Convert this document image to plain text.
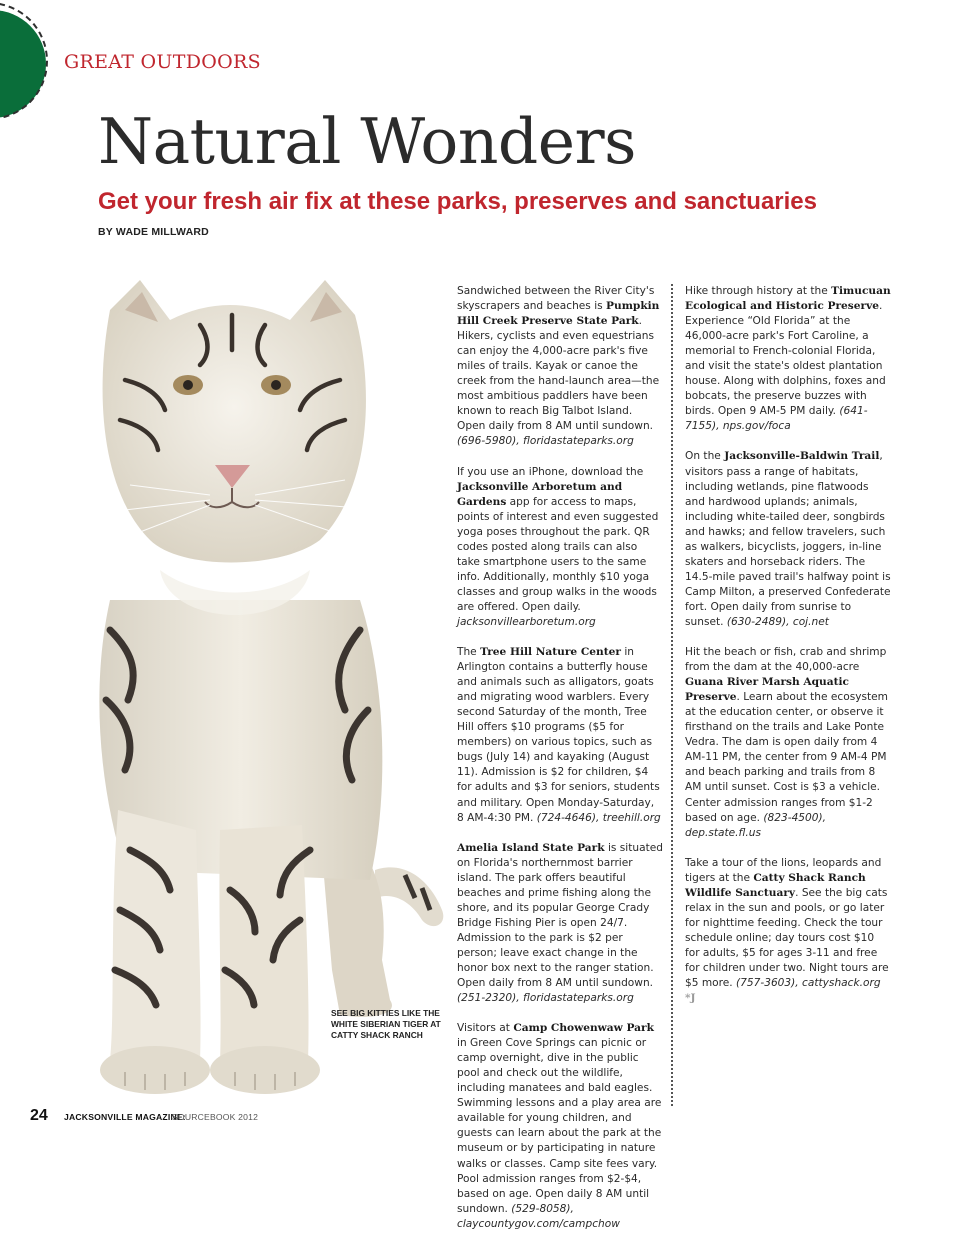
GREAT OUTDOORS
Natural Wonders
Get your fresh air fix at these parks, preserves and sanctuaries
BY WADE MILLWARD
SEE BIG KITTIES LIKE THE WHITE SIBERIAN TIGER AT CATTY SHACK RANCH

Sandwiched between the River City's skyscrapers and beaches is Pumpkin Hill Creek Preserve State Park. Hikers, cyclists and even equestrians can enjoy the 4,000-acre park's five miles of trails. Kayak or canoe the creek from the hand-launch area—the most ambitious paddlers have been known to reach Big Talbot Island. Open daily from 8 AM until sundown. (696-5980), floridastateparks.org

If you use an iPhone, download the Jacksonville Arboretum and Gardens app for access to maps, points of interest and even suggested yoga poses throughout the park. QR codes posted along trails can also take smartphone users to the same info. Additionally, monthly $10 yoga classes and group walks in the woods are offered. Open daily. jacksonvillearboretum.org

The Tree Hill Nature Center in Arlington contains a butterfly house and animals such as alligators, goats and migrating wood warblers. Every second Saturday of the month, Tree Hill offers $10 programs ($5 for members) on various topics, such as bugs (July 14) and kayaking (August 11). Admission is $2 for children, $4 for adults and $3 for seniors, students and military. Open Monday-Saturday, 8 AM-4:30 PM. (724-4646), treehill.org

Amelia Island State Park is situated on Florida's northernmost barrier island. The park offers beautiful beaches and prime fishing along the shore, and its popular George Crady Bridge Fishing Pier is open 24/7. Admission to the park is $2 per person; leave exact change in the honor box next to the ranger station. Open daily from 8 AM until sundown. (251-2320), floridastateparks.org

Visitors at Camp Chowenwaw Park in Green Cove Springs can picnic or camp overnight, dive in the public pool and check out the wildlife, including manatees and bald eagles. Swimming lessons and a play area are available for young children, and guests can learn about the park at the museum or by participating in nature walks or classes. Camp site fees vary. Pool admission ranges from $2-$4, based on age. Open daily 8 AM until sundown. (529-8058), claycountygov.com/campchow

Hike through history at the Timucuan Ecological and Historic Preserve. Experience “Old Florida” at the 46,000-acre park's Fort Caroline, a memorial to French-colonial Florida, and visit the state's oldest plantation house. Along with dolphins, foxes and bobcats, the preserve buzzes with birds. Open 9 AM-5 PM daily. (641-7155), nps.gov/foca

On the Jacksonville-Baldwin Trail, visitors pass a range of habitats, including wetlands, pine flatwoods and hardwood uplands; animals, including white-tailed deer, songbirds and hawks; and fellow travelers, such as walkers, bicyclists, joggers, in-line skaters and horseback riders. The 14.5-mile paved trail's halfway point is Camp Milton, a preserved Confederate fort. Open daily from sunrise to sunset. (630-2489), coj.net

Hit the beach or fish, crab and shrimp from the dam at the 40,000-acre Guana River Marsh Aquatic Preserve. Learn about the ecosystem at the education center, or observe it firsthand on the trails and Lake Ponte Vedra. The dam is open daily from 4 AM-11 PM, the center from 9 AM-4 PM and beach parking and trails from 8 AM until sunset. Cost is $3 a vehicle. Center admission ranges from $1-2 based on age. (823-4500), dep.state.fl.us

Take a tour of the lions, leopards and tigers at the Catty Shack Ranch Wildlife Sanctuary. See the big cats relax in the sun and pools, or go later for nighttime feeding. Check the tour schedule online; day tours cost $10 for adults, $5 for ages 3-11 and free for children under two. Night tours are $5 more. (757-3603), cattyshack.org *J

24 JACKSONVILLE MAGAZINE:
SOURCEBOOK 2012
